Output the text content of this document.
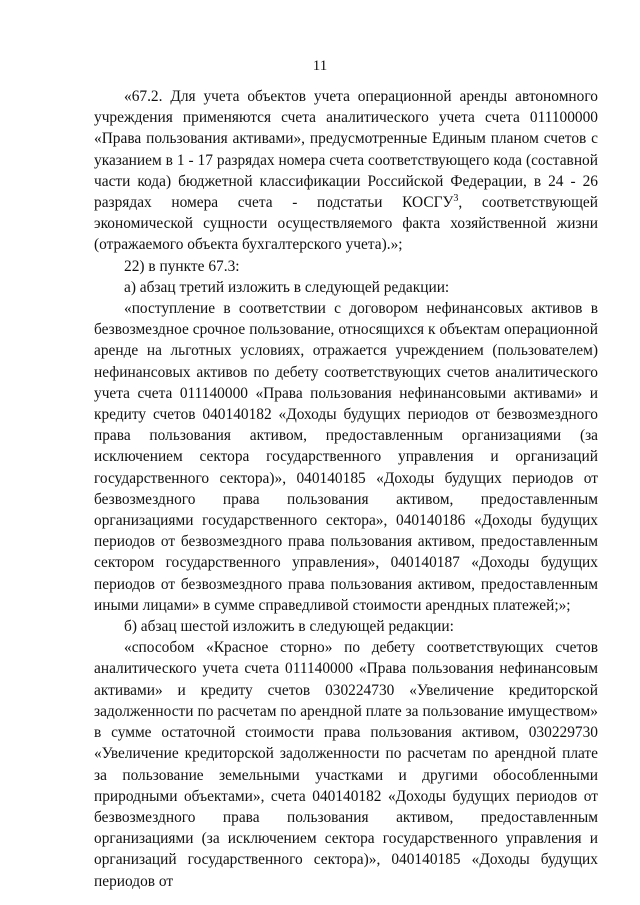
11

«67.2. Для учета объектов учета операционной аренды автономного учреждения применяются счета аналитического учета счета 011100000 «Права пользования активами», предусмотренные Единым планом счетов с указанием в 1 - 17 разрядах номера счета соответствующего кода (составной части кода) бюджетной классификации Российской Федерации, в 24 - 26 разрядах номера счета - подстатьи КОСГУ$^3$, соответствующей экономической сущности осуществляемого факта хозяйственной жизни (отражаемого объекта бухгалтерского учета).»;

22) в пункте 67.3:

а) абзац третий изложить в следующей редакции:

«поступление в соответствии с договором нефинансовых активов в безвозмездное срочное пользование, относящихся к объектам операционной аренде на льготных условиях, отражается учреждением (пользователем) нефинансовых активов по дебету соответствующих счетов аналитического учета счета 011140000 «Права пользования нефинансовыми активами» и кредиту счетов 040140182 «Доходы будущих периодов от безвозмездного права пользования активом, предоставленным организациями (за исключением сектора государственного управления и организаций государственного сектора)», 040140185 «Доходы будущих периодов от безвозмездного права пользования активом, предоставленным организациями государственного сектора», 040140186 «Доходы будущих периодов от безвозмездного права пользования активом, предоставленным сектором государственного управления», 040140187 «Доходы будущих периодов от безвозмездного права пользования активом, предоставленным иными лицами» в сумме справедливой стоимости арендных платежей;»;

б) абзац шестой изложить в следующей редакции:

«способом «Красное сторно» по дебету соответствующих счетов аналитического учета счета 011140000 «Права пользования нефинансовым активами» и кредиту счетов 030224730 «Увеличение кредиторской задолженности по расчетам по арендной плате за пользование имуществом» в сумме остаточной стоимости права пользования активом, 030229730 «Увеличение кредиторской задолженности по расчетам по арендной плате за пользование земельными участками и другими обособленными природными объектами», счета 040140182 «Доходы будущих периодов от безвозмездного права пользования активом, предоставленным организациями (за исключением сектора государственного управления и организаций государственного сектора)», 040140185 «Доходы будущих периодов от
